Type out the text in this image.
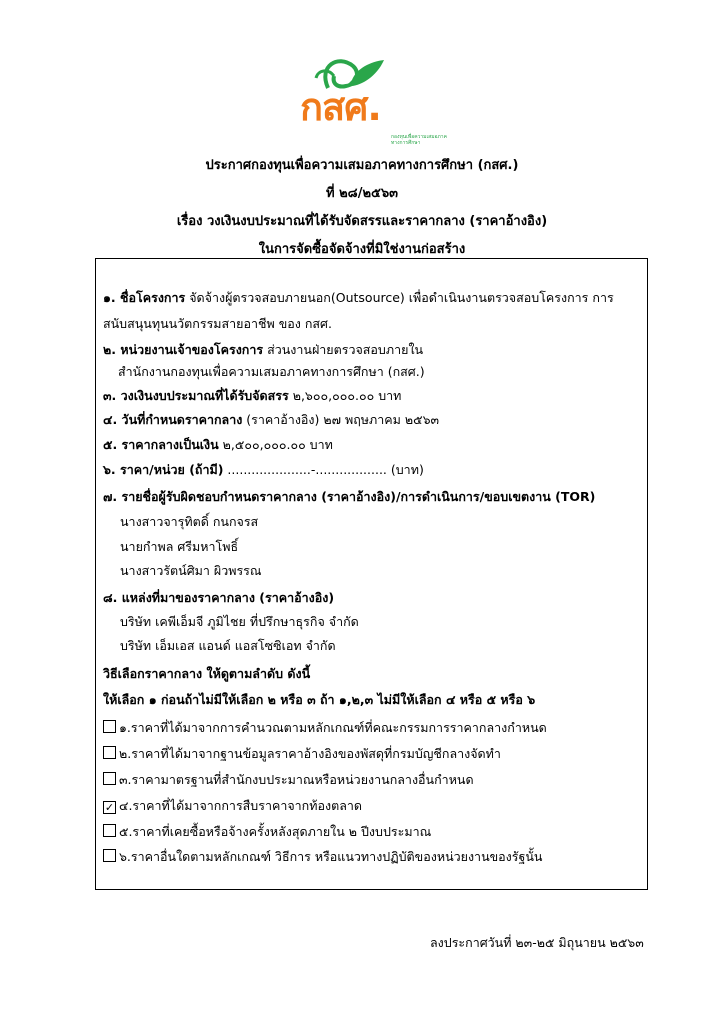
กสศ.
กองทุนเพื่อความเสมอภาคทางการศึกษา
ประกาศกองทุนเพื่อความเสมอภาคทางการศึกษา (กสศ.)
ที่ ๒๘/๒๕๖๓
เรื่อง วงเงินงบประมาณที่ได้รับจัดสรรและราคากลาง (ราคาอ้างอิง)
ในการจัดซื้อจัดจ้างที่มิใช่งานก่อสร้าง
๑. ชื่อโครงการ จัดจ้างผู้ตรวจสอบภายนอก(Outsource) เพื่อดำเนินงานตรวจสอบโครงการ การ
สนับสนุนทุนนวัตกรรมสายอาชีพ ของ กสศ.
๒. หน่วยงานเจ้าของโครงการ ส่วนงานฝ่ายตรวจสอบภายใน
สำนักงานกองทุนเพื่อความเสมอภาคทางการศึกษา (กสศ.)
๓. วงเงินงบประมาณที่ได้รับจัดสรร ๒,๖๐๐,๐๐๐.๐๐ บาท
๔. วันที่กำหนดราคากลาง (ราคาอ้างอิง) ๒๗ พฤษภาคม ๒๕๖๓
๕. ราคากลางเป็นเงิน ๒,๕๐๐,๐๐๐.๐๐ บาท
๖. ราคา/หน่วย (ถ้ามี) .....................-.................. (บาท)
๗. รายชื่อผู้รับผิดชอบกำหนดราคากลาง (ราคาอ้างอิง)/การดำเนินการ/ขอบเขตงาน (TOR)
นางสาวจารุทิตดิ์ กนกจรส
นายกำพล ศรีมหาโพธิ์
นางสาวรัตน์ศิมา ผิวพรรณ
๘. แหล่งที่มาของราคากลาง (ราคาอ้างอิง)
บริษัท เคพีเอ็มจี ภูมิไชย ที่ปรึกษาธุรกิจ จำกัด
บริษัท เอ็มเอส แอนด์ แอสโซซิเอท จำกัด
วิธีเลือกราคากลาง ให้ดูตามลำดับ ดังนี้
ให้เลือก ๑ ก่อนถ้าไม่มีให้เลือก ๒ หรือ ๓ ถ้า ๑,๒,๓ ไม่มีให้เลือก ๔ หรือ ๕ หรือ ๖
๑.ราคาที่ได้มาจากการคำนวณตามหลักเกณฑ์ที่คณะกรรมการราคากลางกำหนด
๒.ราคาที่ได้มาจากฐานข้อมูลราคาอ้างอิงของพัสดุที่กรมบัญชีกลางจัดทำ
๓.ราคามาตรฐานที่สำนักงบประมาณหรือหน่วยงานกลางอื่นกำหนด
✓ ๔.ราคาที่ได้มาจากการสืบราคาจากท้องตลาด
๕.ราคาที่เคยซื้อหรือจ้างครั้งหลังสุดภายใน ๒ ปีงบประมาณ
๖.ราคาอื่นใดตามหลักเกณฑ์ วิธีการ หรือแนวทางปฏิบัติของหน่วยงานของรัฐนั้น
ลงประกาศวันที่ ๒๓-๒๕ มิถุนายน ๒๕๖๓
